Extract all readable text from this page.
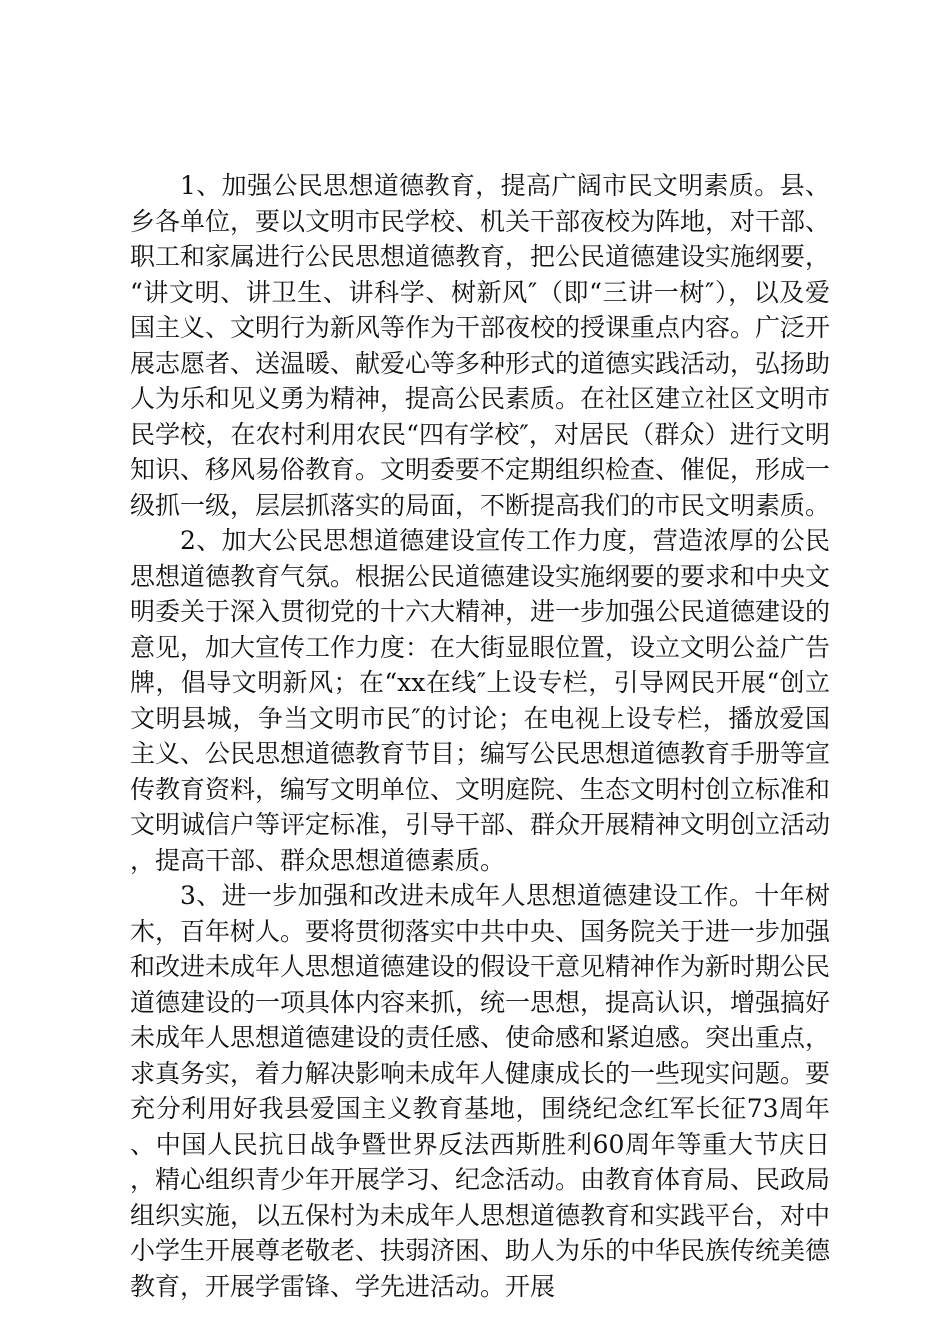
1、加强公民思想道德教育，提高广阔市民文明素质。县、乡各单位，要以文明市民学校、机关干部夜校为阵地，对干部、职工和家属进行公民思想道德教育，把公民道德建设实施纲要，“讲文明、讲卫生、讲科学、树新风″（即“三讲一树″），以及爱国主义、文明行为新风等作为干部夜校的授课重点内容。广泛开展志愿者、送温暖、献爱心等多种形式的道德实践活动，弘扬助人为乐和见义勇为精神，提高公民素质。在社区建立社区文明市民学校，在农村利用农民“四有学校″，对居民（群众）进行文明知识、移风易俗教育。文明委要不定期组织检查、催促，形成一级抓一级，层层抓落实的局面，不断提高我们的市民文明素质。

2、加大公民思想道德建设宣传工作力度，营造浓厚的公民思想道德教育气氛。根据公民道德建设实施纲要的要求和中央文明委关于深入贯彻党的十六大精神，进一步加强公民道德建设的意见，加大宣传工作力度：在大街显眼位置，设立文明公益广告牌，倡导文明新风；在“xx在线″上设专栏，引导网民开展“创立文明县城，争当文明市民″的讨论；在电视上设专栏，播放爱国主义、公民思想道德教育节目；编写公民思想道德教育手册等宣传教育资料，编写文明单位、文明庭院、生态文明村创立标准和文明诚信户等评定标准，引导干部、群众开展精神文明创立活动，提高干部、群众思想道德素质。

3、进一步加强和改进未成年人思想道德建设工作。十年树木，百年树人。要将贯彻落实中共中央、国务院关于进一步加强和改进未成年人思想道德建设的假设干意见精神作为新时期公民道德建设的一项具体内容来抓，统一思想，提高认识，增强搞好未成年人思想道德建设的责任感、使命感和紧迫感。突出重点，求真务实，着力解决影响未成年人健康成长的一些现实问题。要充分利用好我县爱国主义教育基地，围绕纪念红军长征73周年、中国人民抗日战争暨世界反法西斯胜利60周年等重大节庆日，精心组织青少年开展学习、纪念活动。由教育体育局、民政局组织实施，以五保村为未成年人思想道德教育和实践平台，对中小学生开展尊老敬老、扶弱济困、助人为乐的中华民族传统美德教育，开展学雷锋、学先进活动。开展
